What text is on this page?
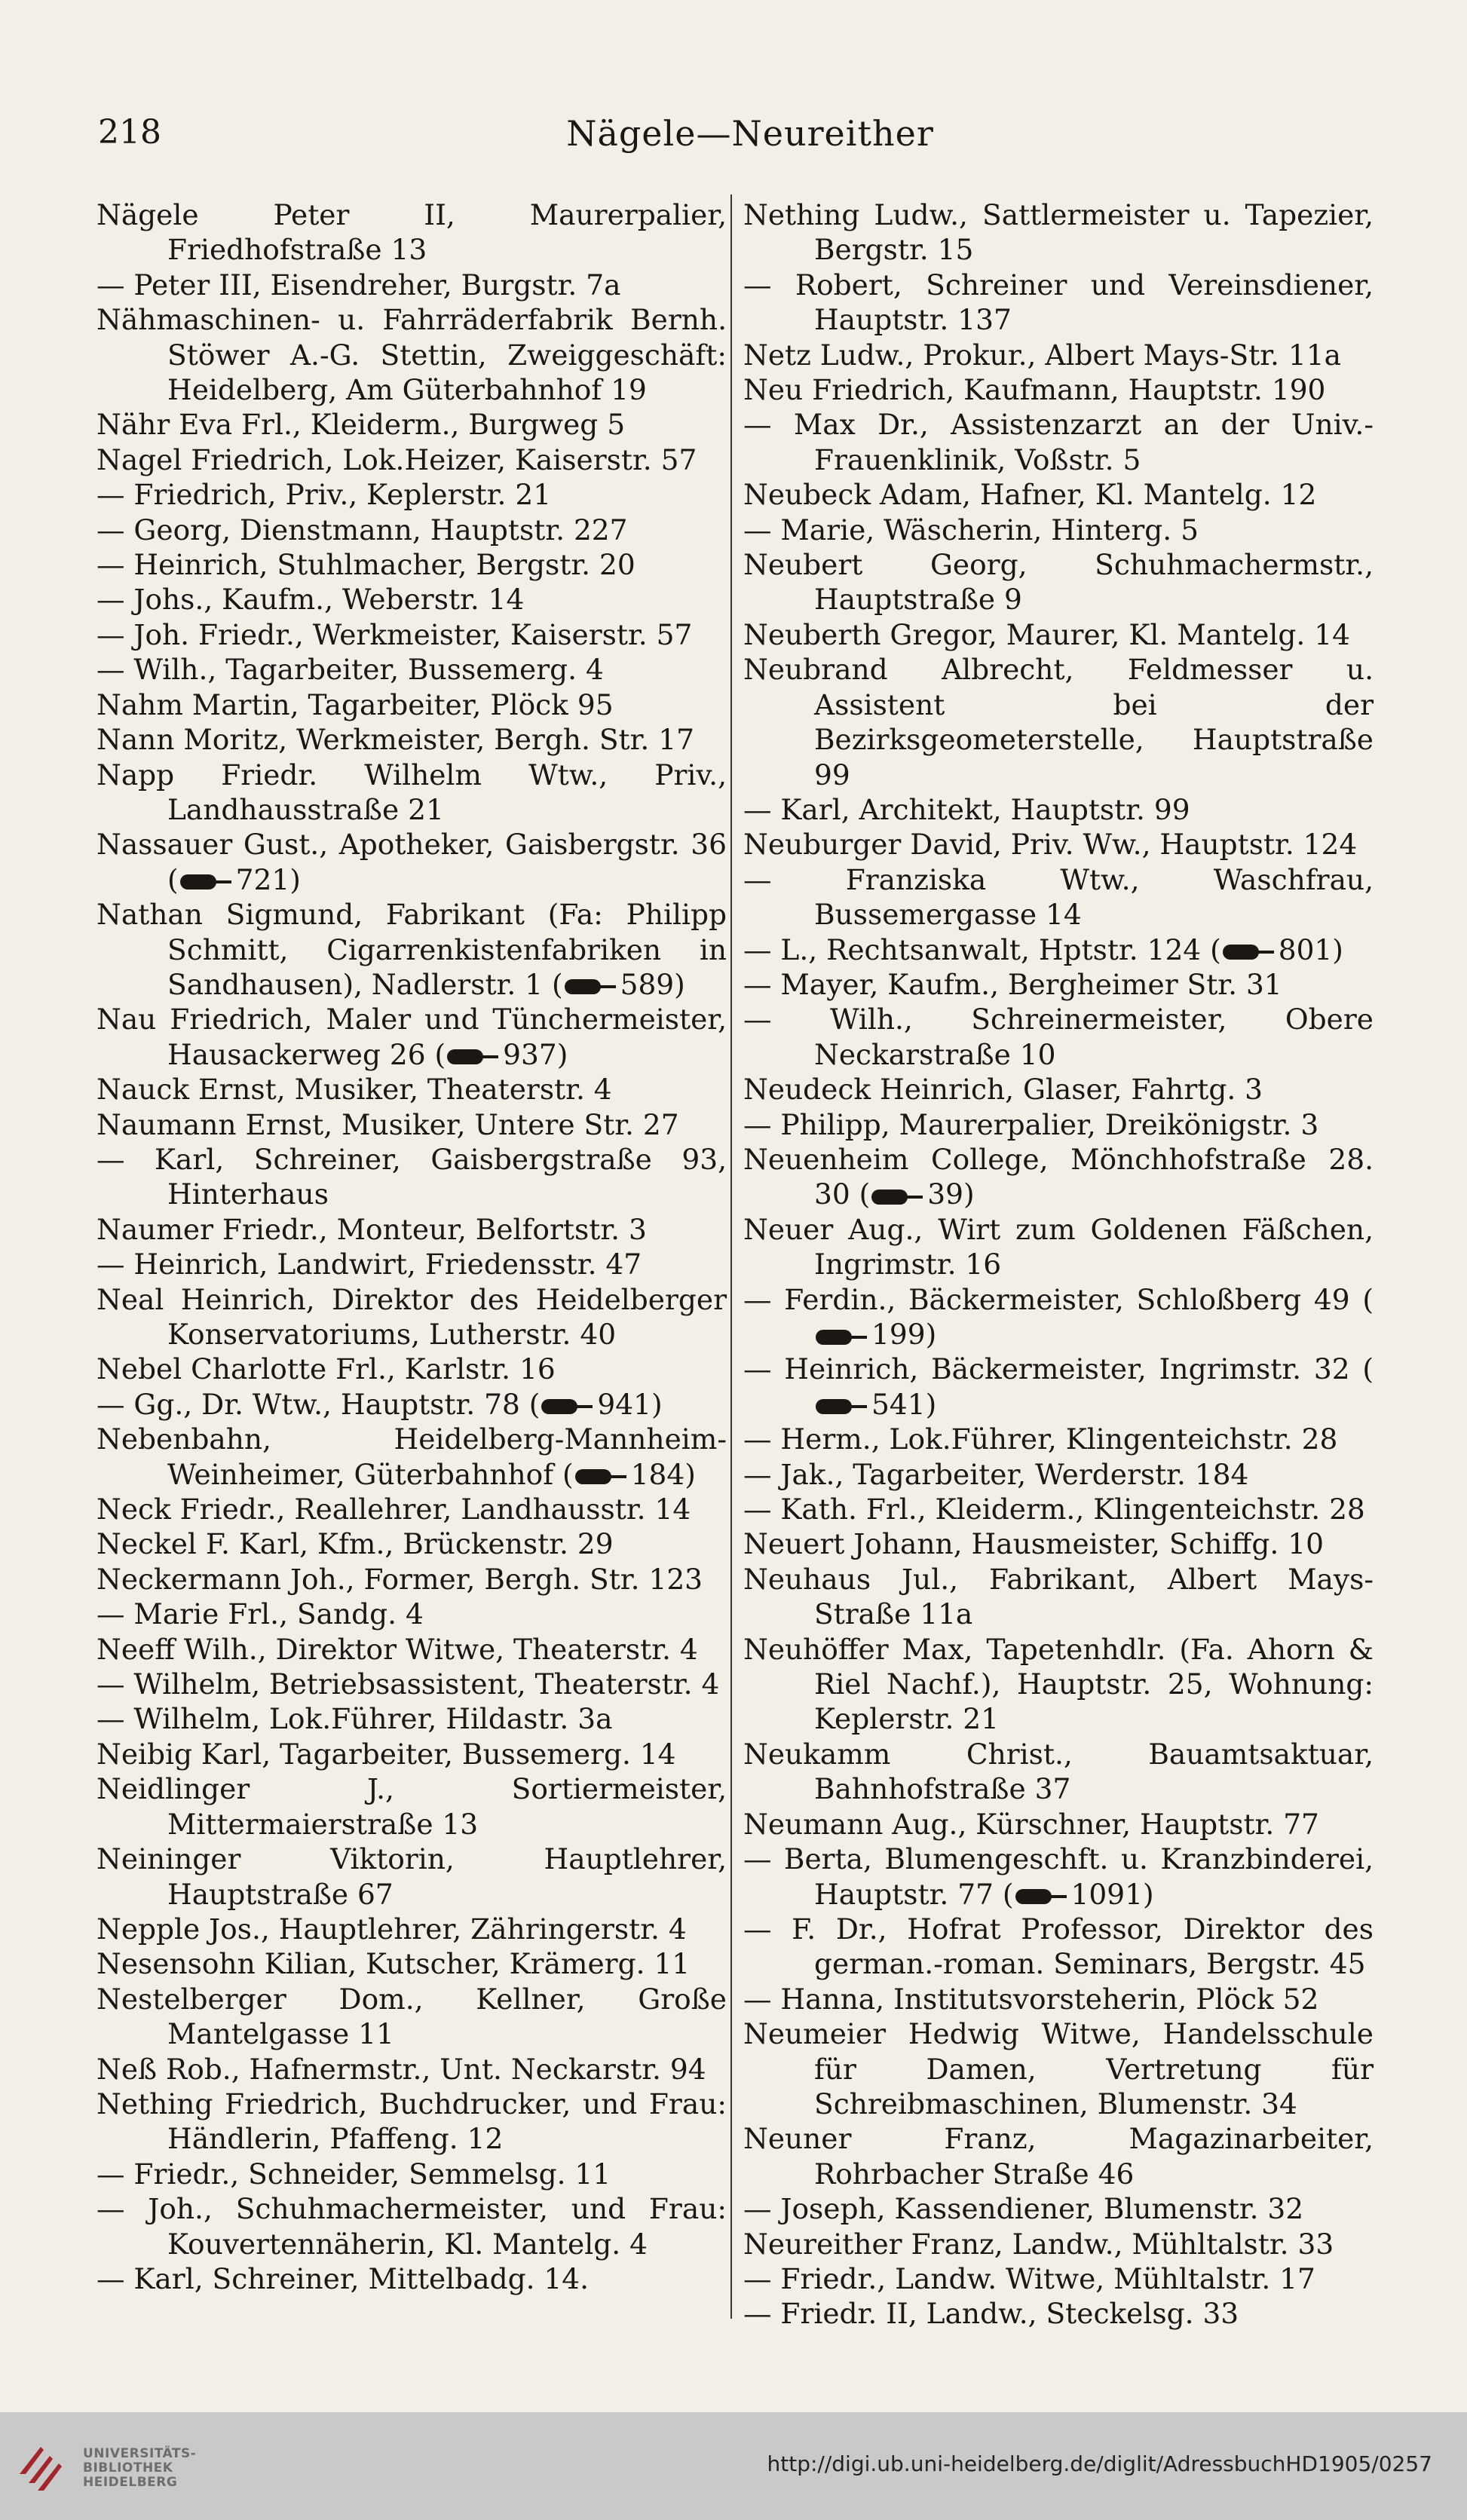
218	Nägele—Neureither
Nägele Peter II, Maurerpalier, Friedhofstraße 13
— Peter III, Eisendreher, Burgstr. 7a
Nähmaschinen- u. Fahrräderfabrik Bernh. Stöwer A.-G. Stettin, Zweiggeschäft: Heidelberg, Am Güterbahnhof 19
Nähr Eva Frl., Kleiderm., Burgweg 5
Nagel Friedrich, Lok.Heizer, Kaiserstr. 57
— Friedrich, Priv., Keplerstr. 21
— Georg, Dienstmann, Hauptstr. 227
— Heinrich, Stuhlmacher, Bergstr. 20
— Johs., Kaufm., Weberstr. 14
— Joh. Friedr., Werkmeister, Kaiserstr. 57
— Wilh., Tagarbeiter, Bussemerg. 4
Nahm Martin, Tagarbeiter, Plöck 95
Nann Moritz, Werkmeister, Bergh. Str. 17
Napp Friedr. Wilhelm Wtw., Priv., Landhausstraße 21
Nassauer Gust., Apotheker, Gaisbergstr. 36 ( 721)
Nathan Sigmund, Fabrikant (Fa: Philipp Schmitt, Cigarrenkistenfabriken in Sandhausen), Nadlerstr. 1 ( 589)
Nau Friedrich, Maler und Tünchermeister, Hausackerweg 26 ( 937)
Nauck Ernst, Musiker, Theaterstr. 4
Naumann Ernst, Musiker, Untere Str. 27
— Karl, Schreiner, Gaisbergstraße 93, Hinterhaus
Naumer Friedr., Monteur, Belfortstr. 3
— Heinrich, Landwirt, Friedensstr. 47
Neal Heinrich, Direktor des Heidelberger Konservatoriums, Lutherstr. 40
Nebel Charlotte Frl., Karlstr. 16
— Gg., Dr. Wtw., Hauptstr. 78 ( 941)
Nebenbahn, Heidelberg-Mannheim-Weinheimer, Güterbahnhof ( 184)
Neck Friedr., Reallehrer, Landhausstr. 14
Neckel F. Karl, Kfm., Brückenstr. 29
Neckermann Joh., Former, Bergh. Str. 123
— Marie Frl., Sandg. 4
Neeff Wilh., Direktor Witwe, Theaterstr. 4
— Wilhelm, Betriebsassistent, Theaterstr. 4
— Wilhelm, Lok.Führer, Hildastr. 3a
Neibig Karl, Tagarbeiter, Bussemerg. 14
Neidlinger J., Sortiermeister, Mittermaierstraße 13
Neininger Viktorin, Hauptlehrer, Hauptstraße 67
Nepple Jos., Hauptlehrer, Zähringerstr. 4
Nesensohn Kilian, Kutscher, Krämerg. 11
Nestelberger Dom., Kellner, Große Mantelgasse 11
Neß Rob., Hafnermstr., Unt. Neckarstr. 94
Nething Friedrich, Buchdrucker, und Frau: Händlerin, Pfaffeng. 12
— Friedr., Schneider, Semmelsg. 11
— Joh., Schuhmachermeister, und Frau: Kouvertennäherin, Kl. Mantelg. 4
— Karl, Schreiner, Mittelbadg. 14.
Nething Ludw., Sattlermeister u. Tapezier, Bergstr. 15
— Robert, Schreiner und Vereinsdiener, Hauptstr. 137
Netz Ludw., Prokur., Albert Mays-Str. 11a
Neu Friedrich, Kaufmann, Hauptstr. 190
— Max Dr., Assistenzarzt an der Univ.-Frauenklinik, Voßstr. 5
Neubeck Adam, Hafner, Kl. Mantelg. 12
— Marie, Wäscherin, Hinterg. 5
Neubert Georg, Schuhmachermstr., Hauptstraße 9
Neuberth Gregor, Maurer, Kl. Mantelg. 14
Neubrand Albrecht, Feldmesser u. Assistent bei der Bezirksgeometerstelle, Hauptstraße 99
— Karl, Architekt, Hauptstr. 99
Neuburger David, Priv. Ww., Hauptstr. 124
— Franziska Wtw., Waschfrau, Bussemergasse 14
— L., Rechtsanwalt, Hptstr. 124 ( 801)
— Mayer, Kaufm., Bergheimer Str. 31
— Wilh., Schreinermeister, Obere Neckarstraße 10
Neudeck Heinrich, Glaser, Fahrtg. 3
— Philipp, Maurerpalier, Dreikönigstr. 3
Neuenheim College, Mönchhofstraße 28. 30 ( 39)
Neuer Aug., Wirt zum Goldenen Fäßchen, Ingrimstr. 16
— Ferdin., Bäckermeister, Schloßberg 49 (199)
— Heinrich, Bäckermeister, Ingrimstr. 32 (541)
— Herm., Lok.Führer, Klingenteichstr. 28
— Jak., Tagarbeiter, Werderstr. 184
— Kath. Frl., Kleiderm., Klingenteichstr. 28
Neuert Johann, Hausmeister, Schiffg. 10
Neuhaus Jul., Fabrikant, Albert Mays-Straße 11a
Neuhöffer Max, Tapetenhdlr. (Fa. Ahorn & Riel Nachf.), Hauptstr. 25, Wohnung: Keplerstr. 21
Neukamm Christ., Bauamtsaktuar, Bahnhofstraße 37
Neumann Aug., Kürschner, Hauptstr. 77
— Berta, Blumengeschft. u. Kranzbinderei, Hauptstr. 77 ( 1091)
— F. Dr., Hofrat Professor, Direktor des german.-roman. Seminars, Bergstr. 45
— Hanna, Institutsvorsteherin, Plöck 52
Neumeier Hedwig Witwe, Handelsschule für Damen, Vertretung für Schreibmaschinen, Blumenstr. 34
Neuner Franz, Magazinarbeiter, Rohrbacher Straße 46
— Joseph, Kassendiener, Blumenstr. 32
Neureither Franz, Landw., Mühltalstr. 33
— Friedr., Landw. Witwe, Mühltalstr. 17
— Friedr. II, Landw., Steckelsg. 33
UNIVERSITÄTS-
BIBLIOTHEK
HEIDELBERG
http://digi.ub.uni-heidelberg.de/diglit/AdressbuchHD1905/0257
